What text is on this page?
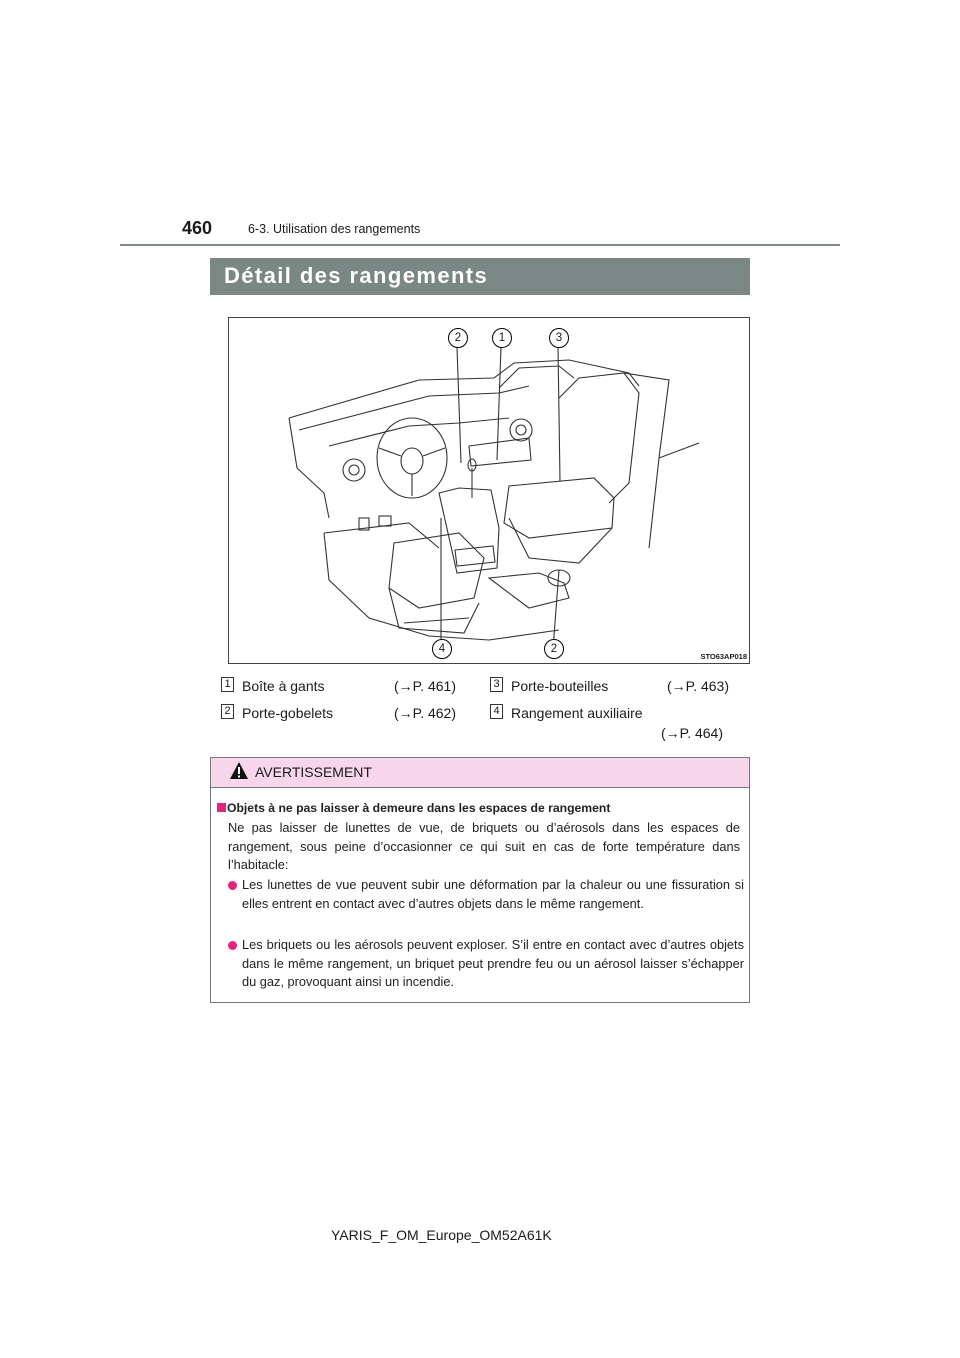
460	6-3. Utilisation des rangements
Détail des rangements
2	1	3
4	2
STO63AP018
1 Boîte à gants	(→P. 461)
2 Porte-gobelets	(→P. 462)
3 Porte-bouteilles	(→P. 463)
4 Rangement auxiliaire
(→P. 464)
AVERTISSEMENT
Objets à ne pas laisser à demeure dans les espaces de rangement
Ne pas laisser de lunettes de vue, de briquets ou d’aérosols dans les espaces de rangement, sous peine d’occasionner ce qui suit en cas de forte température dans l’habitacle:
Les lunettes de vue peuvent subir une déformation par la chaleur ou une fissuration si elles entrent en contact avec d’autres objets dans le même rangement.
Les briquets ou les aérosols peuvent exploser. S’il entre en contact avec d’autres objets dans le même rangement, un briquet peut prendre feu ou un aérosol laisser s’échapper du gaz, provoquant ainsi un incendie.
YARIS_F_OM_Europe_OM52A61K
